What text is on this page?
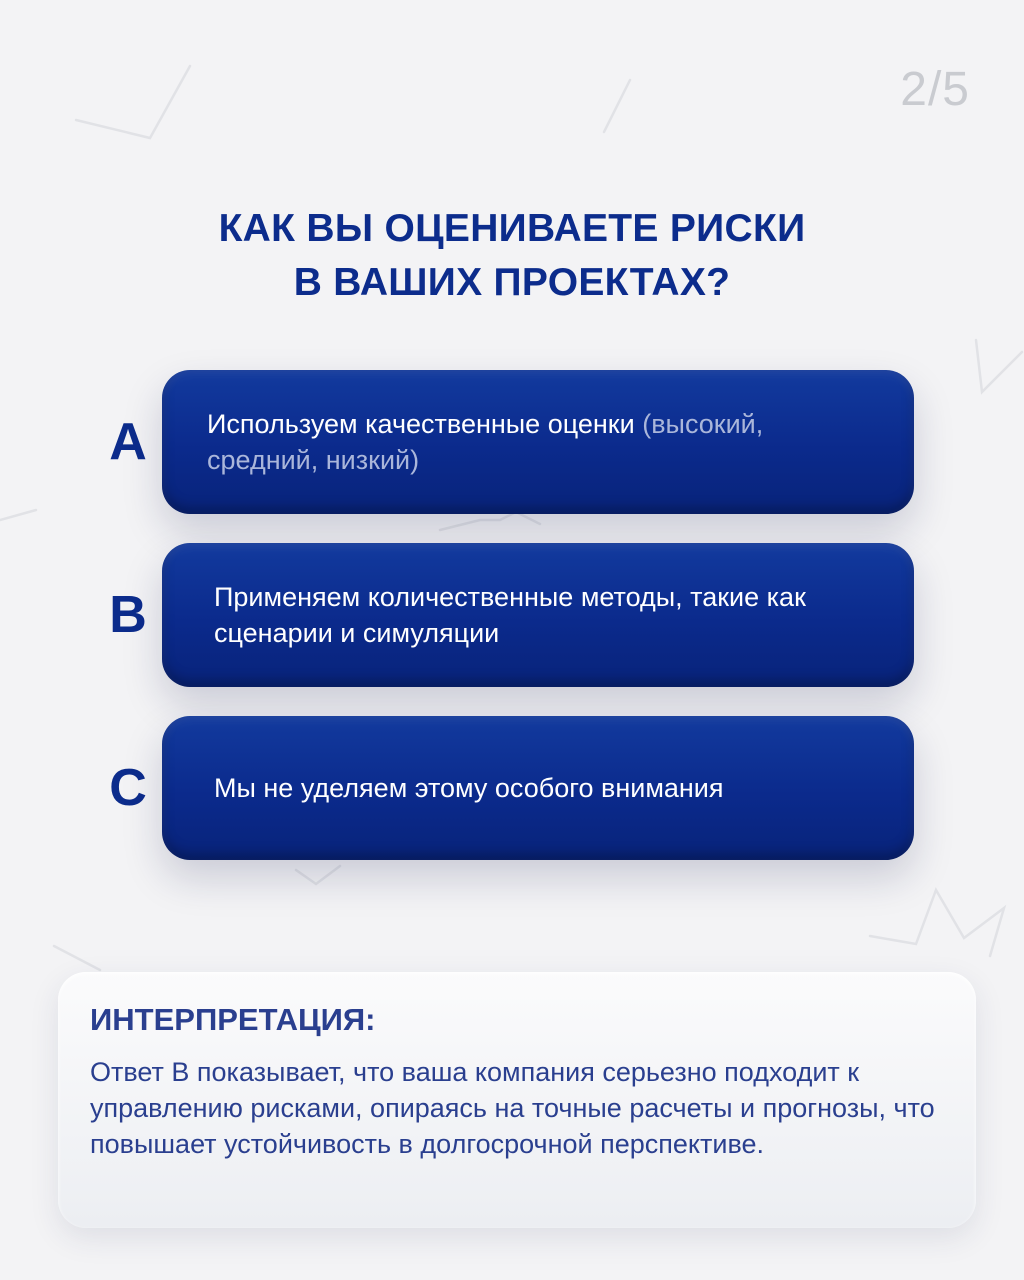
2/5
КАК ВЫ ОЦЕНИВАЕТЕ РИСКИ
В ВАШИХ ПРОЕКТАХ?
A Используем качественные оценки (высокий, средний, низкий)
B Применяем количественные методы, такие как сценарии и симуляции
C Мы не уделяем этому особого внимания
ИНТЕРПРЕТАЦИЯ:
Ответ B показывает, что ваша компания серьезно подходит к управлению рисками, опираясь на точные расчеты и прогнозы, что повышает устойчивость в долгосрочной перспективе.
